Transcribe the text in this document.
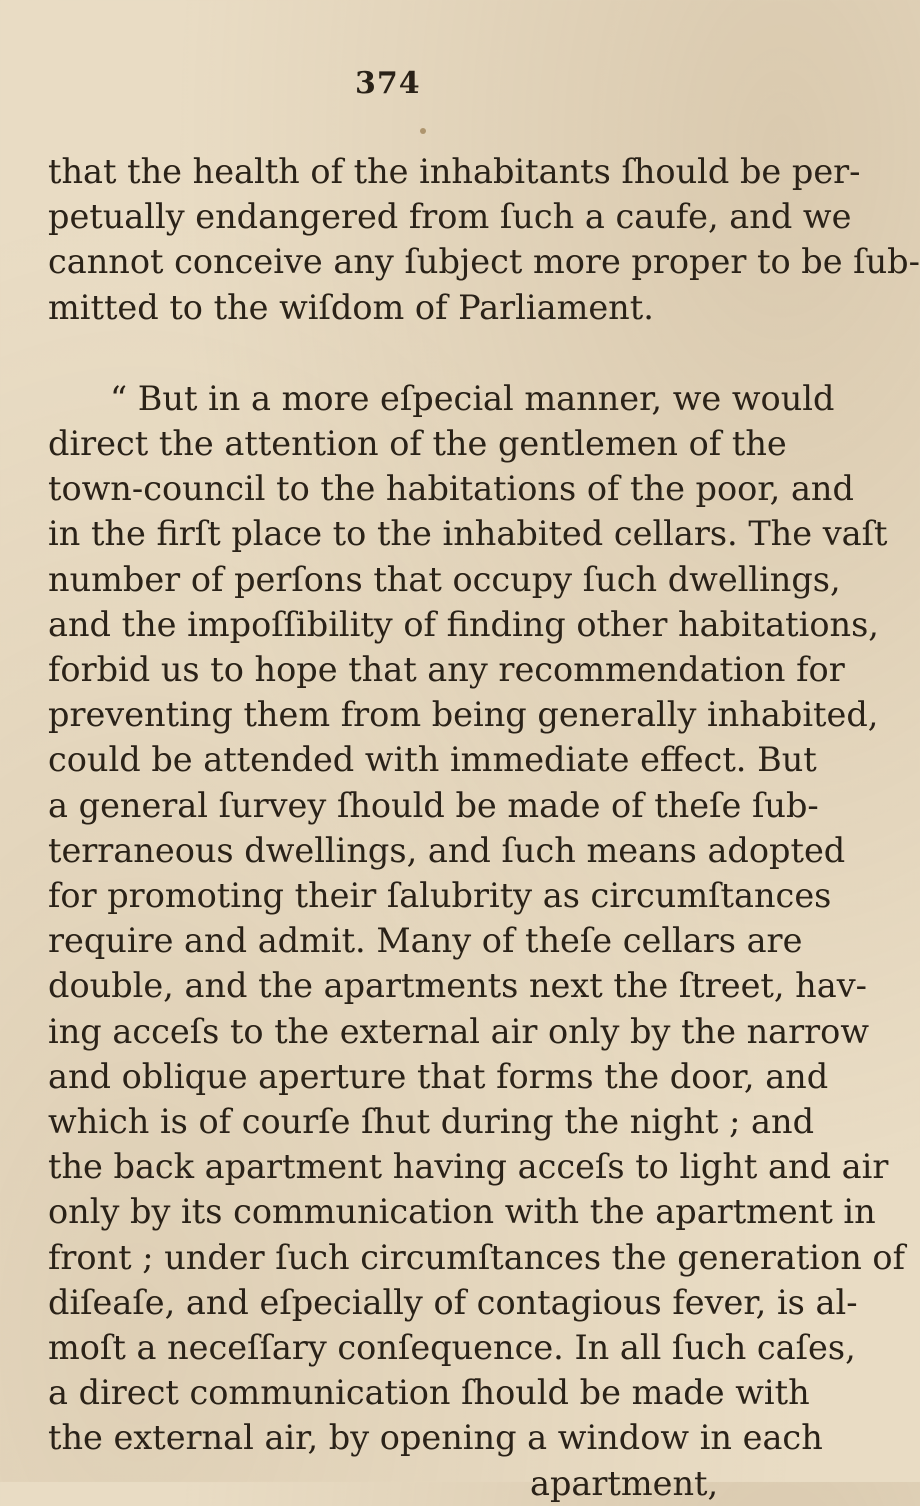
374
that the health of the inhabitants ſhould be per-
petually endangered from ſuch a caufe, and we
cannot conceive any ſubject more proper to be ſub-
mitted to the wiſdom of Parliament.
“ But in a more eſpecial manner, we would
direct the attention of the gentlemen of the
town-council to the habitations of the poor, and
in the firſt place to the inhabited cellars. The vaſt
number of perſons that occupy ſuch dwellings,
and the impoſſibility of finding other habitations,
forbid us to hope that any recommendation for
preventing them from being generally inhabited,
could be attended with immediate effect. But
a general ſurvey ſhould be made of theſe ſub-
terraneous dwellings, and ſuch means adopted
for promoting their ſalubrity as circumſtances
require and admit. Many of theſe cellars are
double, and the apartments next the ſtreet, hav-
ing acceſs to the external air only by the narrow
and oblique aperture that forms the door, and
which is of courſe ſhut during the night ; and
the back apartment having acceſs to light and air
only by its communication with the apartment in
front ; under ſuch circumſtances the generation of
diſeaſe, and eſpecially of contagious fever, is al-
moſt a neceſſary conſequence. In all ſuch caſes,
a direct communication ſhould be made with
the external air, by opening a window in each
apartment,
